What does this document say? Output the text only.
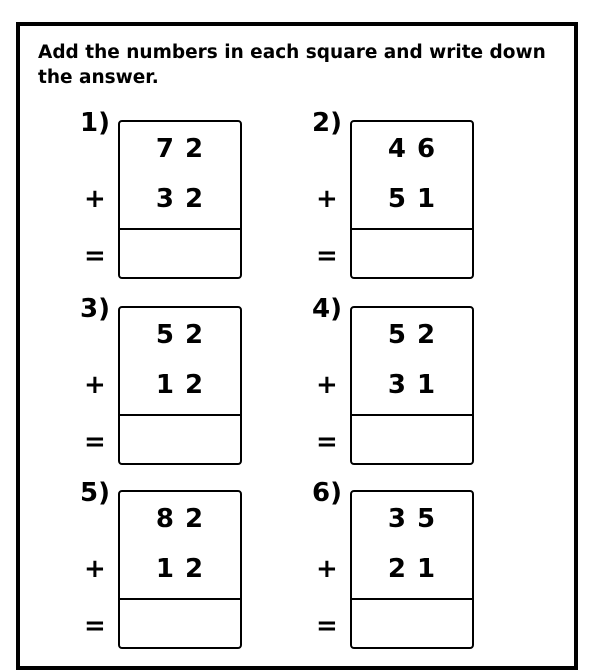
Add the numbers in each square and write down the answer.

1)
+
=
7 2
3 2
2)
+
=
4 6
5 1
3)
+
=
5 2
1 2
4)
+
=
5 2
3 1
5)
+
=
8 2
1 2
6)
+
=
3 5
2 1
